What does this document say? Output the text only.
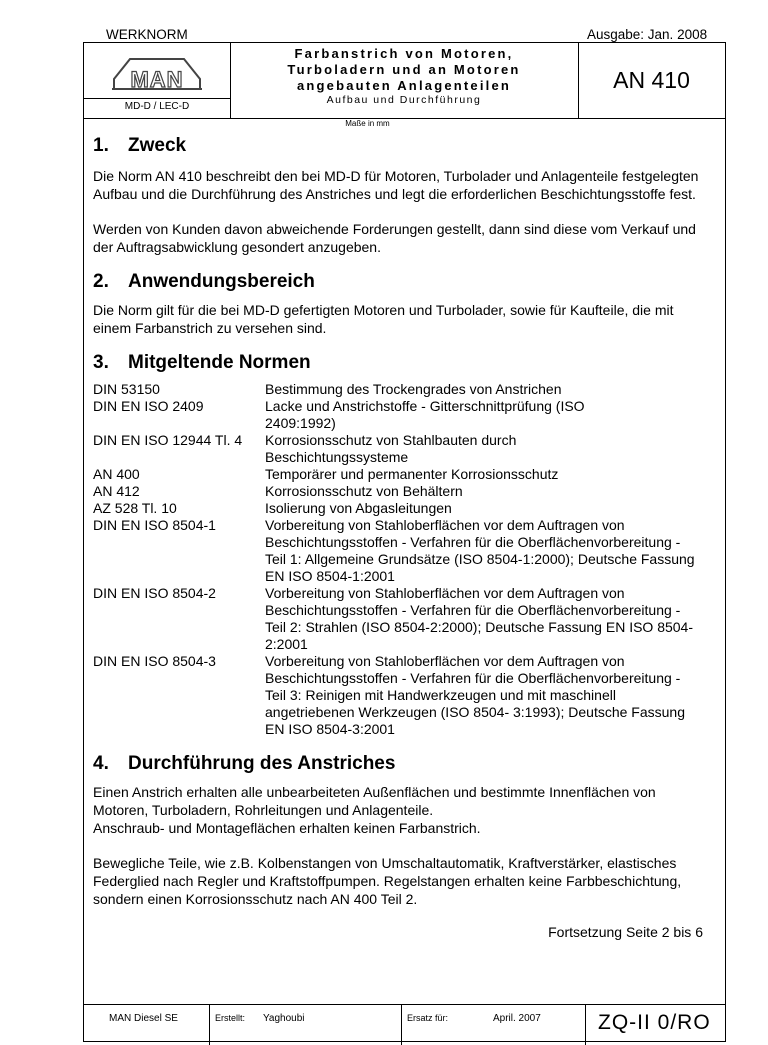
WERKNORM	Ausgabe: Jan. 2008
MAN
MD-D / LEC-D
Farbanstrich von Motoren,
Turboladern und an Motoren
angebauten Anlagenteilen
Aufbau und Durchführung
AN 410
Maße in mm
1. Zweck

Die Norm AN 410 beschreibt den bei MD-D für Motoren, Turbolader und Anlagenteile festgelegten Aufbau und die Durchführung des Anstriches und legt die erforderlichen Beschichtungsstoffe fest.

Werden von Kunden davon abweichende Forderungen gestellt, dann sind diese vom Verkauf und der Auftragsabwicklung gesondert anzugeben.

2. Anwendungsbereich

Die Norm gilt für die bei MD-D gefertigten Motoren und Turbolader, sowie für Kaufteile, die mit einem Farbanstrich zu versehen sind.

3. Mitgeltende Normen
DIN 53150	Bestimmung des Trockengrades von Anstrichen
DIN EN ISO 2409	Lacke und Anstrichstoffe - Gitterschnittprüfung (ISO 2409:1992)
DIN EN ISO 12944 Tl. 4	Korrosionsschutz von Stahlbauten durch Beschichtungssysteme
AN 400	Temporärer und permanenter Korrosionsschutz
AN 412	Korrosionsschutz von Behältern
AZ 528 Tl. 10	Isolierung von Abgasleitungen
DIN EN ISO 8504-1	Vorbereitung von Stahloberflächen vor dem Auftragen von Beschichtungsstoffen - Verfahren für die Oberflächenvorbereitung - Teil 1: Allgemeine Grundsätze (ISO 8504-1:2000); Deutsche Fassung EN ISO 8504-1:2001
DIN EN ISO 8504-2	Vorbereitung von Stahloberflächen vor dem Auftragen von Beschichtungsstoffen - Verfahren für die Oberflächenvorbereitung - Teil 2: Strahlen (ISO 8504-2:2000); Deutsche Fassung EN ISO 8504-2:2001
DIN EN ISO 8504-3	Vorbereitung von Stahloberflächen vor dem Auftragen von Beschichtungsstoffen - Verfahren für die Oberflächenvorbereitung - Teil 3: Reinigen mit Handwerkzeugen und mit maschinell angetriebenen Werkzeugen (ISO 8504- 3:1993); Deutsche Fassung EN ISO 8504-3:2001
4. Durchführung des Anstriches

Einen Anstrich erhalten alle unbearbeiteten Außenflächen und bestimmte Innenflächen von Motoren, Turboladern, Rohrleitungen und Anlagenteile.
Anschraub- und Montageflächen erhalten keinen Farbanstrich.

Bewegliche Teile, wie z.B. Kolbenstangen von Umschaltautomatik, Kraftverstärker, elastisches Federglied nach Regler und Kraftstoffpumpen. Regelstangen erhalten keine Farbbeschichtung, sondern einen Korrosionsschutz nach AN 400 Teil 2.

Fortsetzung Seite 2 bis 6
MAN Diesel SE	Erstellt: Yaghoubi	Ersatz für:	April. 2007	ZQ-II 0/RO
